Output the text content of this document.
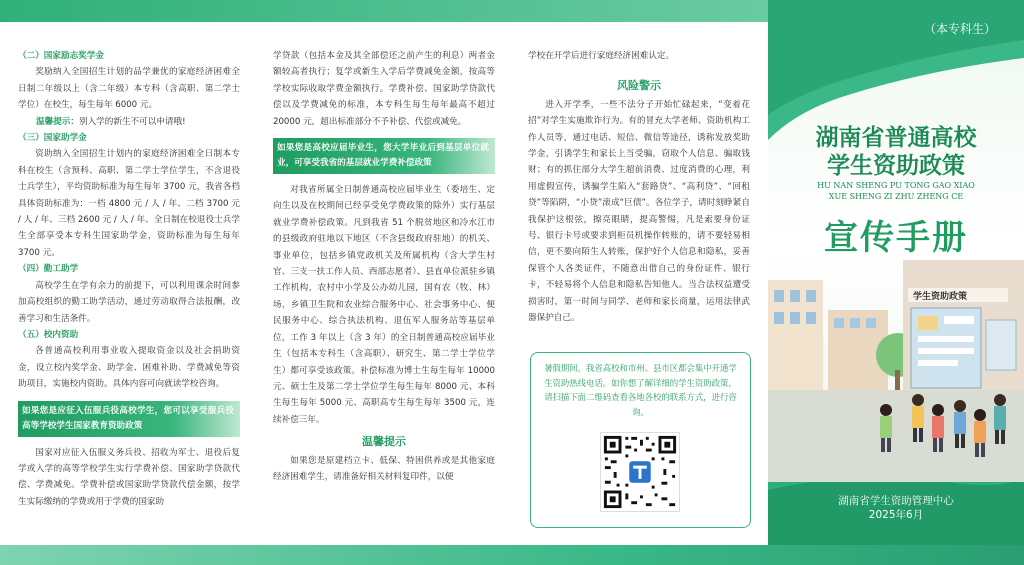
（二）国家励志奖学金
奖励纳入全国招生计划的品学兼优的家庭经济困难全日制二年级以上（含二年级）本专科（含高职、第二学士学位）在校生，每生每年 6000 元。
温馨提示：别入学的新生不可以申请哦!
（三）国家助学金
资助纳入全国招生计划内的家庭经济困难全日制本专科在校生（含预科、高职、第二学士学位学生，不含退役士兵学生），平均资助标准为每生每年 3700 元，我省各档具体资助标准为：一档 4800 元 / 人 / 年、二档 3700 元 / 人 / 年、三档 2600 元 / 人 / 年。全日制在校退役士兵学生全部享受本专科生国家助学金，资助标准为每生每年 3700 元。
（四）勤工助学
高校学生在学有余力的前提下，可以利用课余时间参加高校组织的勤工助学活动，通过劳动取得合法报酬，改善学习和生活条件。
（五）校内资助
各普通高校利用事业收入提取资金以及社会捐助资金，设立校内奖学金、助学金、困难补助、学费减免等资助项目，实施校内资助。具体内容可向就读学校咨询。
如果您是应征入伍服兵役高校学生，您可以享受服兵役高等学校学生国家教育资助政策
国家对应征入伍服义务兵役、招收为军士、退役后复学或入学的高等学校学生实行学费补偿、国家助学贷款代偿、学费减免。学费补偿或国家助学贷款代偿金额，按学生实际缴纳的学费或用于学费的国家助
学贷款（包括本金及其全部偿还之前产生的利息）两者金额较高者执行；复学或新生入学后学费减免金额，按高等学校实际收取学费金额执行。学费补偿、国家助学贷款代偿以及学费减免的标准，本专科生每生每年最高不超过 20000 元，超出标准部分不予补偿、代偿或减免。
如果您是高校应届毕业生，您大学毕业后到基层单位就业，可享受我省的基层就业学费补偿政策
对我省所属全日制普通高校应届毕业生（委培生、定向生以及在校期间已经享受免学费政策的除外）实行基层就业学费补偿政策。凡到我省 51 个脱贫地区和冷水江市的县级政府驻地以下地区（不含县级政府驻地）的机关、事业单位，包括乡镇党政机关及所属机构（含大学生村官、三支一扶工作人员、西部志愿者）、县直单位派驻乡镇工作机构，农村中小学及公办幼儿园，国有农（牧、林）场，乡镇卫生院和农业综合服务中心、社会事务中心、便民服务中心、综合执法机构、退伍军人服务站等基层单位，工作 3 年以上（含 3 年）的全日制普通高校应届毕业生（包括本专科生（含高职）、研究生、第二学士学位学生）都可享受该政策。补偿标准为博士生每生每年 10000 元、硕士生及第二学士学位学生每生每年 8000 元、本科生每生每年 5000 元、高职高专生每生每年 3500 元，连续补偿三年。
温馨提示
如果您是原建档立卡、低保、特困供养或是其他家庭经济困难学生，请准备好相关材料复印件，以便
学校在开学后进行家庭经济困难认定。
风险警示
进入开学季，一些不法分子开始忙碌起来，“变着花招”对学生实施欺诈行为。有的冒充大学老师、资助机构工作人员等，通过电话、短信、微信等途径，诱称发放奖助学金，引诱学生和家长上当受骗，窃取个人信息、骗取钱财；有的抓住部分大学生超前消费、过度消费的心理，利用虚假宣传，诱骗学生陷入“套路贷”、“高利贷”、“回租贷”等陷阱，“小贷”滚成“巨债”。各位学子，请时刻睁紧自我保护这根弦，擦亮眼睛，提高警惕，凡是索要身份证号、银行卡号或要求到柜员机操作转账的，请不要轻易相信，更不要向陌生人转账，保护好个人信息和隐私，妥善保管个人各类证件，不随意出借自己的身份证件、银行卡，不轻易将个人信息和隐私告知他人。当合法权益遭受损害时，第一时间与同学、老师和家长商量，运用法律武器保护自己。
暑假期间，我省高校和市州、县市区都会集中开通学生资助热线电话。如你想了解详细的学生资助政策，请扫描下面二维码查看各地各校的联系方式，进行咨询。
（本专科生）
湖南省普通高校
学生资助政策
HU NAN SHENG PU TONG GAO XIAO
XUE SHENG ZI ZHU ZHENG CE
宣传手册
学生资助政策
湖南省学生资助管理中心
2025年6月
